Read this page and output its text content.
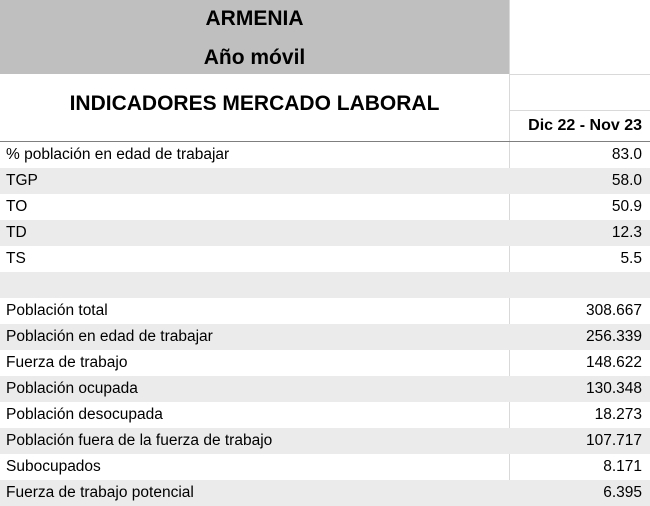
ARMENIA
Año móvil
INDICADORES MERCADO LABORAL
Dic 22 - Nov 23
% población en edad de trabajar	83.0
TGP	58.0
TO	50.9
TD	12.3
TS	5.5
Población total	308.667
Población en edad de trabajar	256.339
Fuerza de trabajo	148.622
Población ocupada	130.348
Población desocupada	18.273
Población fuera de la fuerza de trabajo	107.717
Subocupados	8.171
Fuerza de trabajo potencial	6.395
